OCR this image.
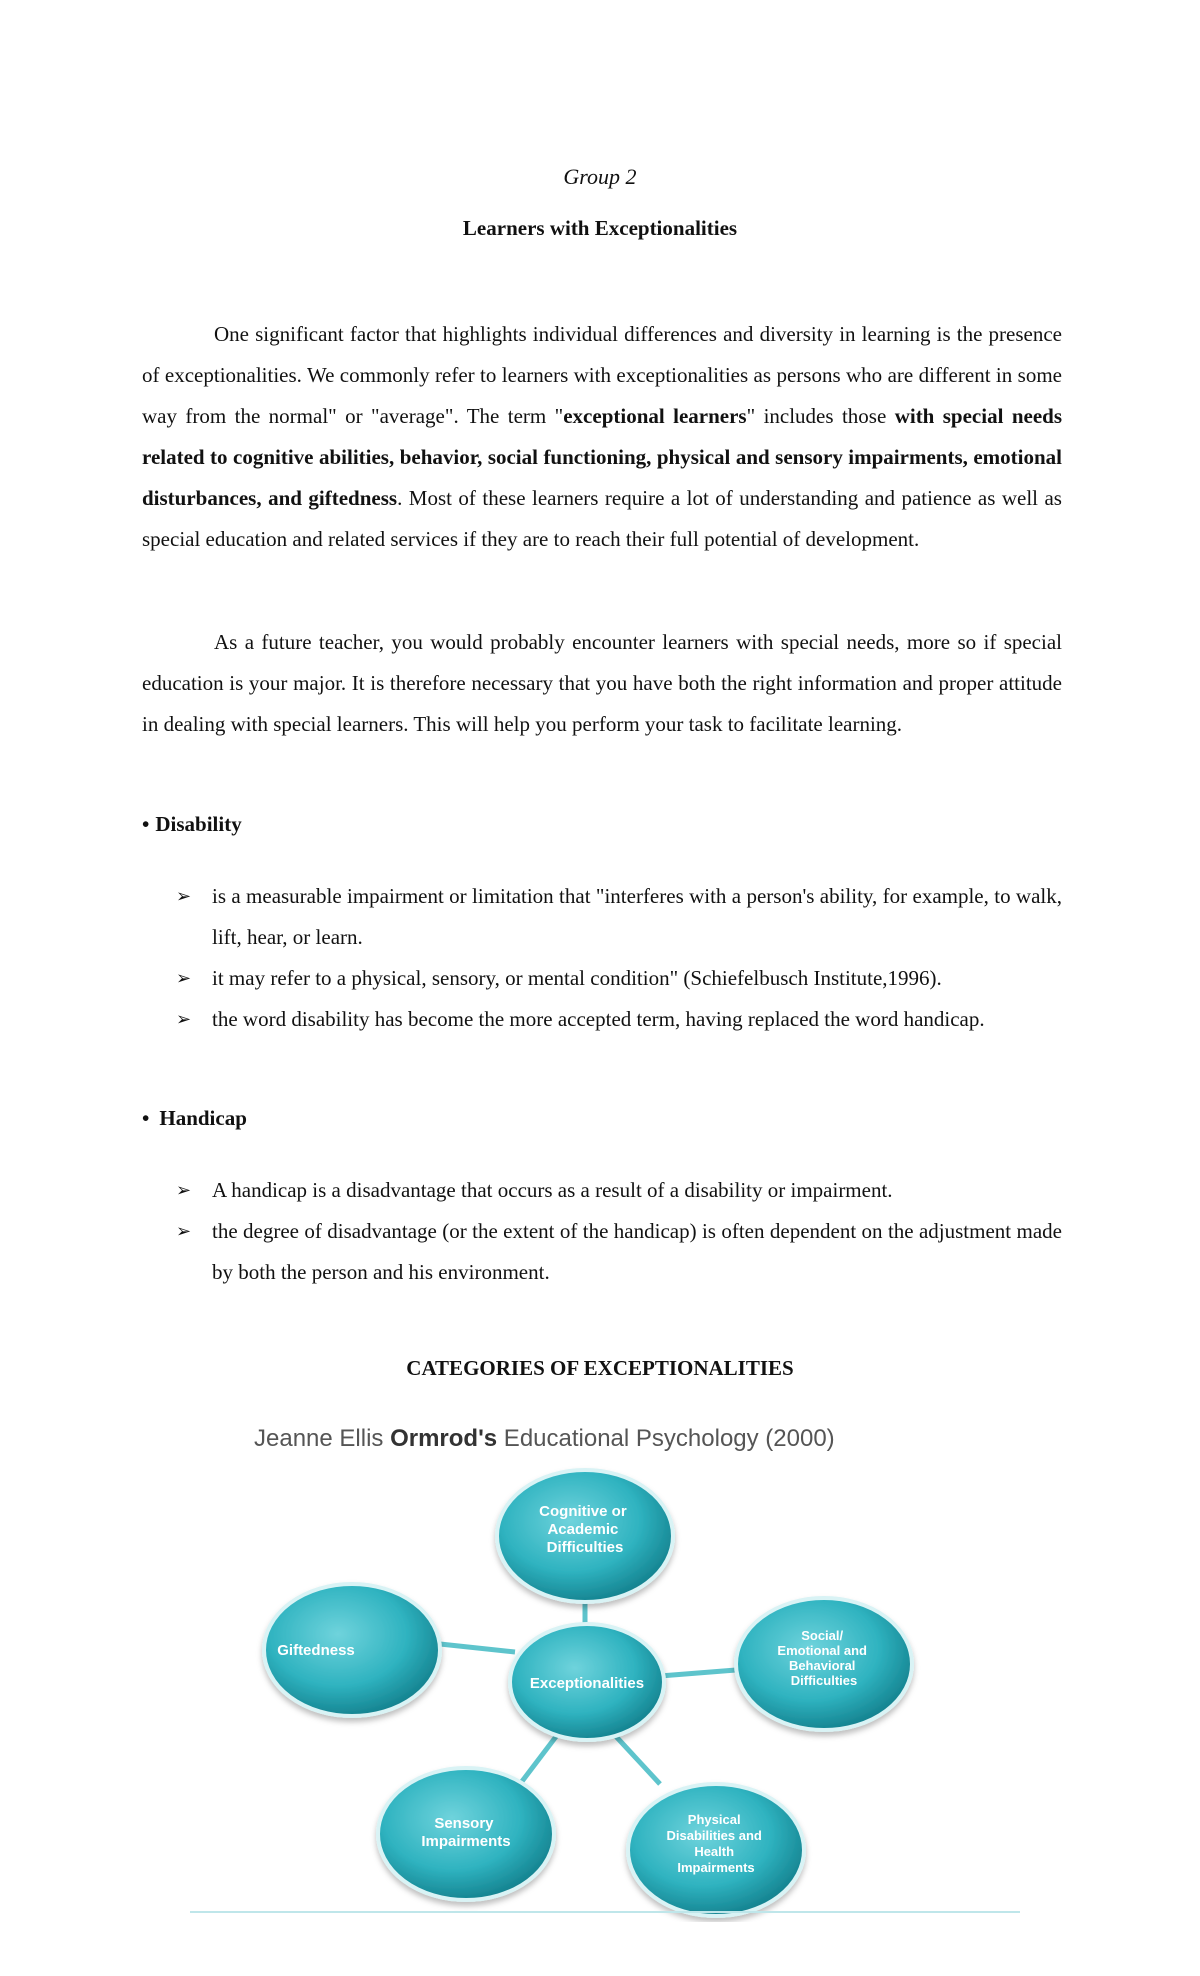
Group 2
Learners with Exceptionalities

One significant factor that highlights individual differences and diversity in learning is the presence of exceptionalities. We commonly refer to learners with exceptionalities as persons who are different in some way from the normal" or "average". The term "exceptional learners" includes those with special needs related to cognitive abilities, behavior, social functioning, physical and sensory impairments, emotional disturbances, and giftedness. Most of these learners require a lot of understanding and patience as well as special education and related services if they are to reach their full potential of development.

As a future teacher, you would probably encounter learners with special needs, more so if special education is your major. It is therefore necessary that you have both the right information and proper attitude in dealing with special learners. This will help you perform your task to facilitate learning.

• Disability
➢ is a measurable impairment or limitation that "interferes with a person's ability, for example, to walk, lift, hear, or learn.
➢ it may refer to a physical, sensory, or mental condition" (Schiefelbusch Institute,1996).
➢ the word disability has become the more accepted term, having replaced the word handicap.
• Handicap
➢ A handicap is a disadvantage that occurs as a result of a disability or impairment.
➢ the degree of disadvantage (or the extent of the handicap) is often dependent on the adjustment made by both the person and his environment.
CATEGORIES OF EXCEPTIONALITIES
Jeanne Ellis Ormrod's Educational Psychology (2000)
Cognitive or Academic Difficulties
Giftedness
Social/ Emotional and Behavioral Difficulties
Exceptionalities
Sensory Impairments
Physical Disabilities and Health Impairments
